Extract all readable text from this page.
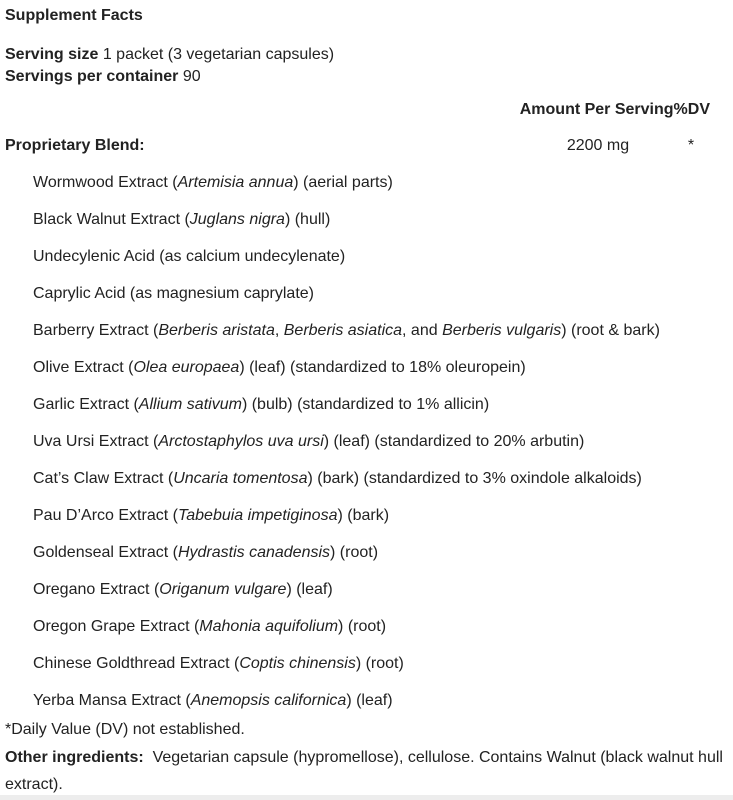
Supplement Facts

Serving size 1 packet (3 vegetarian capsules)

Servings per container 90

Amount Per Serving%DV
Proprietary Blend:	2200 mg	*
Wormwood Extract (Artemisia annua) (aerial parts)
Black Walnut Extract (Juglans nigra) (hull)
Undecylenic Acid (as calcium undecylenate)
Caprylic Acid (as magnesium caprylate)
Barberry Extract (Berberis aristata, Berberis asiatica, and Berberis vulgaris) (root & bark)
Olive Extract (Olea europaea) (leaf) (standardized to 18% oleuropein)
Garlic Extract (Allium sativum) (bulb) (standardized to 1% allicin)
Uva Ursi Extract (Arctostaphylos uva ursi) (leaf) (standardized to 20% arbutin)
Cat’s Claw Extract (Uncaria tomentosa) (bark) (standardized to 3% oxindole alkaloids)
Pau D’Arco Extract (Tabebuia impetiginosa) (bark)
Goldenseal Extract (Hydrastis canadensis) (root)
Oregano Extract (Origanum vulgare) (leaf)
Oregon Grape Extract (Mahonia aquifolium) (root)
Chinese Goldthread Extract (Coptis chinensis) (root)
Yerba Mansa Extract (Anemopsis californica) (leaf)

*Daily Value (DV) not established.

Other ingredients:  Vegetarian capsule (hypromellose), cellulose. Contains Walnut (black walnut hull extract).
